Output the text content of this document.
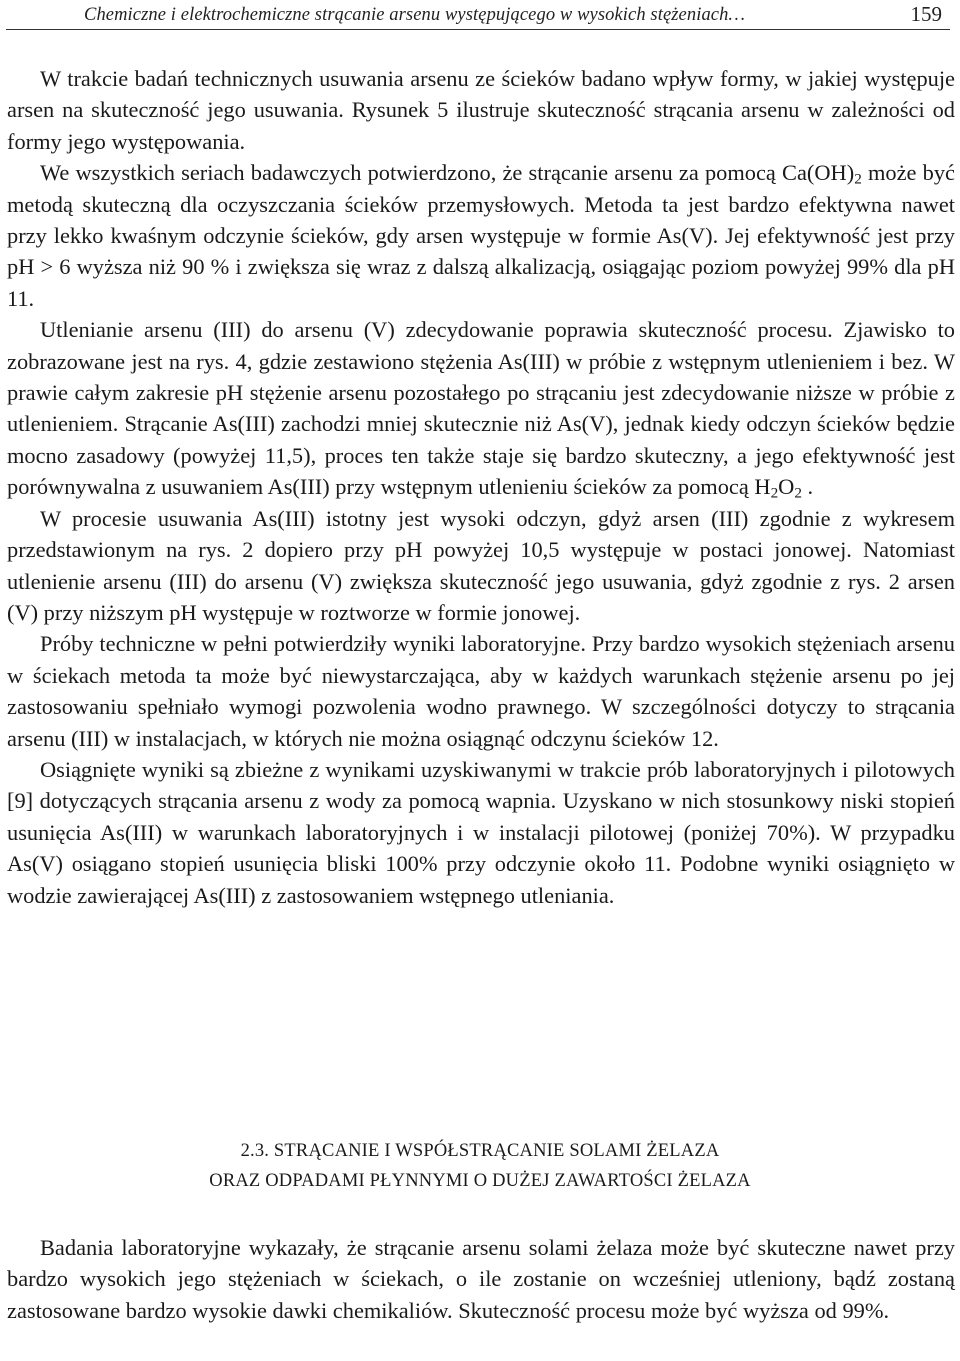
Chemiczne i elektrochemiczne strącanie arsenu występującego w wysokich stężeniach…	159

W trakcie badań technicznych usuwania arsenu ze ścieków badano wpływ formy, w jakiej występuje arsen na skuteczność jego usuwania. Rysunek 5 ilustruje skuteczność strącania arsenu w zależności od formy jego występowania.

We wszystkich seriach badawczych potwierdzono, że strącanie arsenu za pomocą $Ca(OH)_2$ może być metodą skuteczną dla oczyszczania ścieków przemysłowych. Metoda ta jest bardzo efektywna nawet przy lekko kwaśnym odczynie ścieków, gdy arsen występuje w formie As(V). Jej efektywność jest przy pH > 6 wyższa niż 90 % i zwiększa się wraz z dalszą alkalizacją, osiągając poziom powyżej 99% dla pH 11.

Utlenianie arsenu (III) do arsenu (V) zdecydowanie poprawia skuteczność procesu. Zjawisko to zobrazowane jest na rys. 4, gdzie zestawiono stężenia As(III) w próbie z wstępnym utlenieniem i bez. W prawie całym zakresie pH stężenie arsenu pozostałego po strącaniu jest zdecydowanie niższe w próbie z utlenieniem. Strącanie As(III) zachodzi mniej skutecznie niż As(V), jednak kiedy odczyn ścieków będzie mocno zasadowy (powyżej 11,5), proces ten także staje się bardzo skuteczny, a jego efektywność jest porównywalna z usuwaniem As(III) przy wstępnym utlenieniu ścieków za pomocą $H_2O_2$ .

W procesie usuwania As(III) istotny jest wysoki odczyn, gdyż arsen (III) zgodnie z wykresem przedstawionym na rys. 2 dopiero przy pH powyżej 10,5 występuje w postaci jonowej. Natomiast utlenienie arsenu (III) do arsenu (V) zwiększa skuteczność jego usuwania, gdyż zgodnie z rys. 2 arsen (V) przy niższym pH występuje w roztworze w formie jonowej.

Próby techniczne w pełni potwierdziły wyniki laboratoryjne. Przy bardzo wysokich stężeniach arsenu w ściekach metoda ta może być niewystarczająca, aby w każdych warunkach stężenie arsenu po jej zastosowaniu spełniało wymogi pozwolenia wodno prawnego. W szczególności dotyczy to strącania arsenu (III) w instalacjach, w których nie można osiągnąć odczynu ścieków 12.

Osiągnięte wyniki są zbieżne z wynikami uzyskiwanymi w trakcie prób laboratoryjnych i pilotowych [9] dotyczących strącania arsenu z wody za pomocą wapnia. Uzyskano w nich stosunkowy niski stopień usunięcia As(III) w warunkach laboratoryjnych i w instalacji pilotowej (poniżej 70%). W przypadku As(V) osiągano stopień usunięcia bliski 100% przy odczynie około 11. Podobne wyniki osiągnięto w wodzie zawierającej As(III) z zastosowaniem wstępnego utleniania.

2.3. STRĄCANIE I WSPÓŁSTRĄCANIE SOLAMI ŻELAZA
ORAZ ODPADAMI PŁYNNYMI O DUŻEJ ZAWARTOŚCI ŻELAZA

Badania laboratoryjne wykazały, że strącanie arsenu solami żelaza może być skuteczne nawet przy bardzo wysokich jego stężeniach w ściekach, o ile zostanie on wcześniej utleniony, bądź zostaną zastosowane bardzo wysokie dawki chemikaliów. Skuteczność procesu może być wyższa od 99%.
